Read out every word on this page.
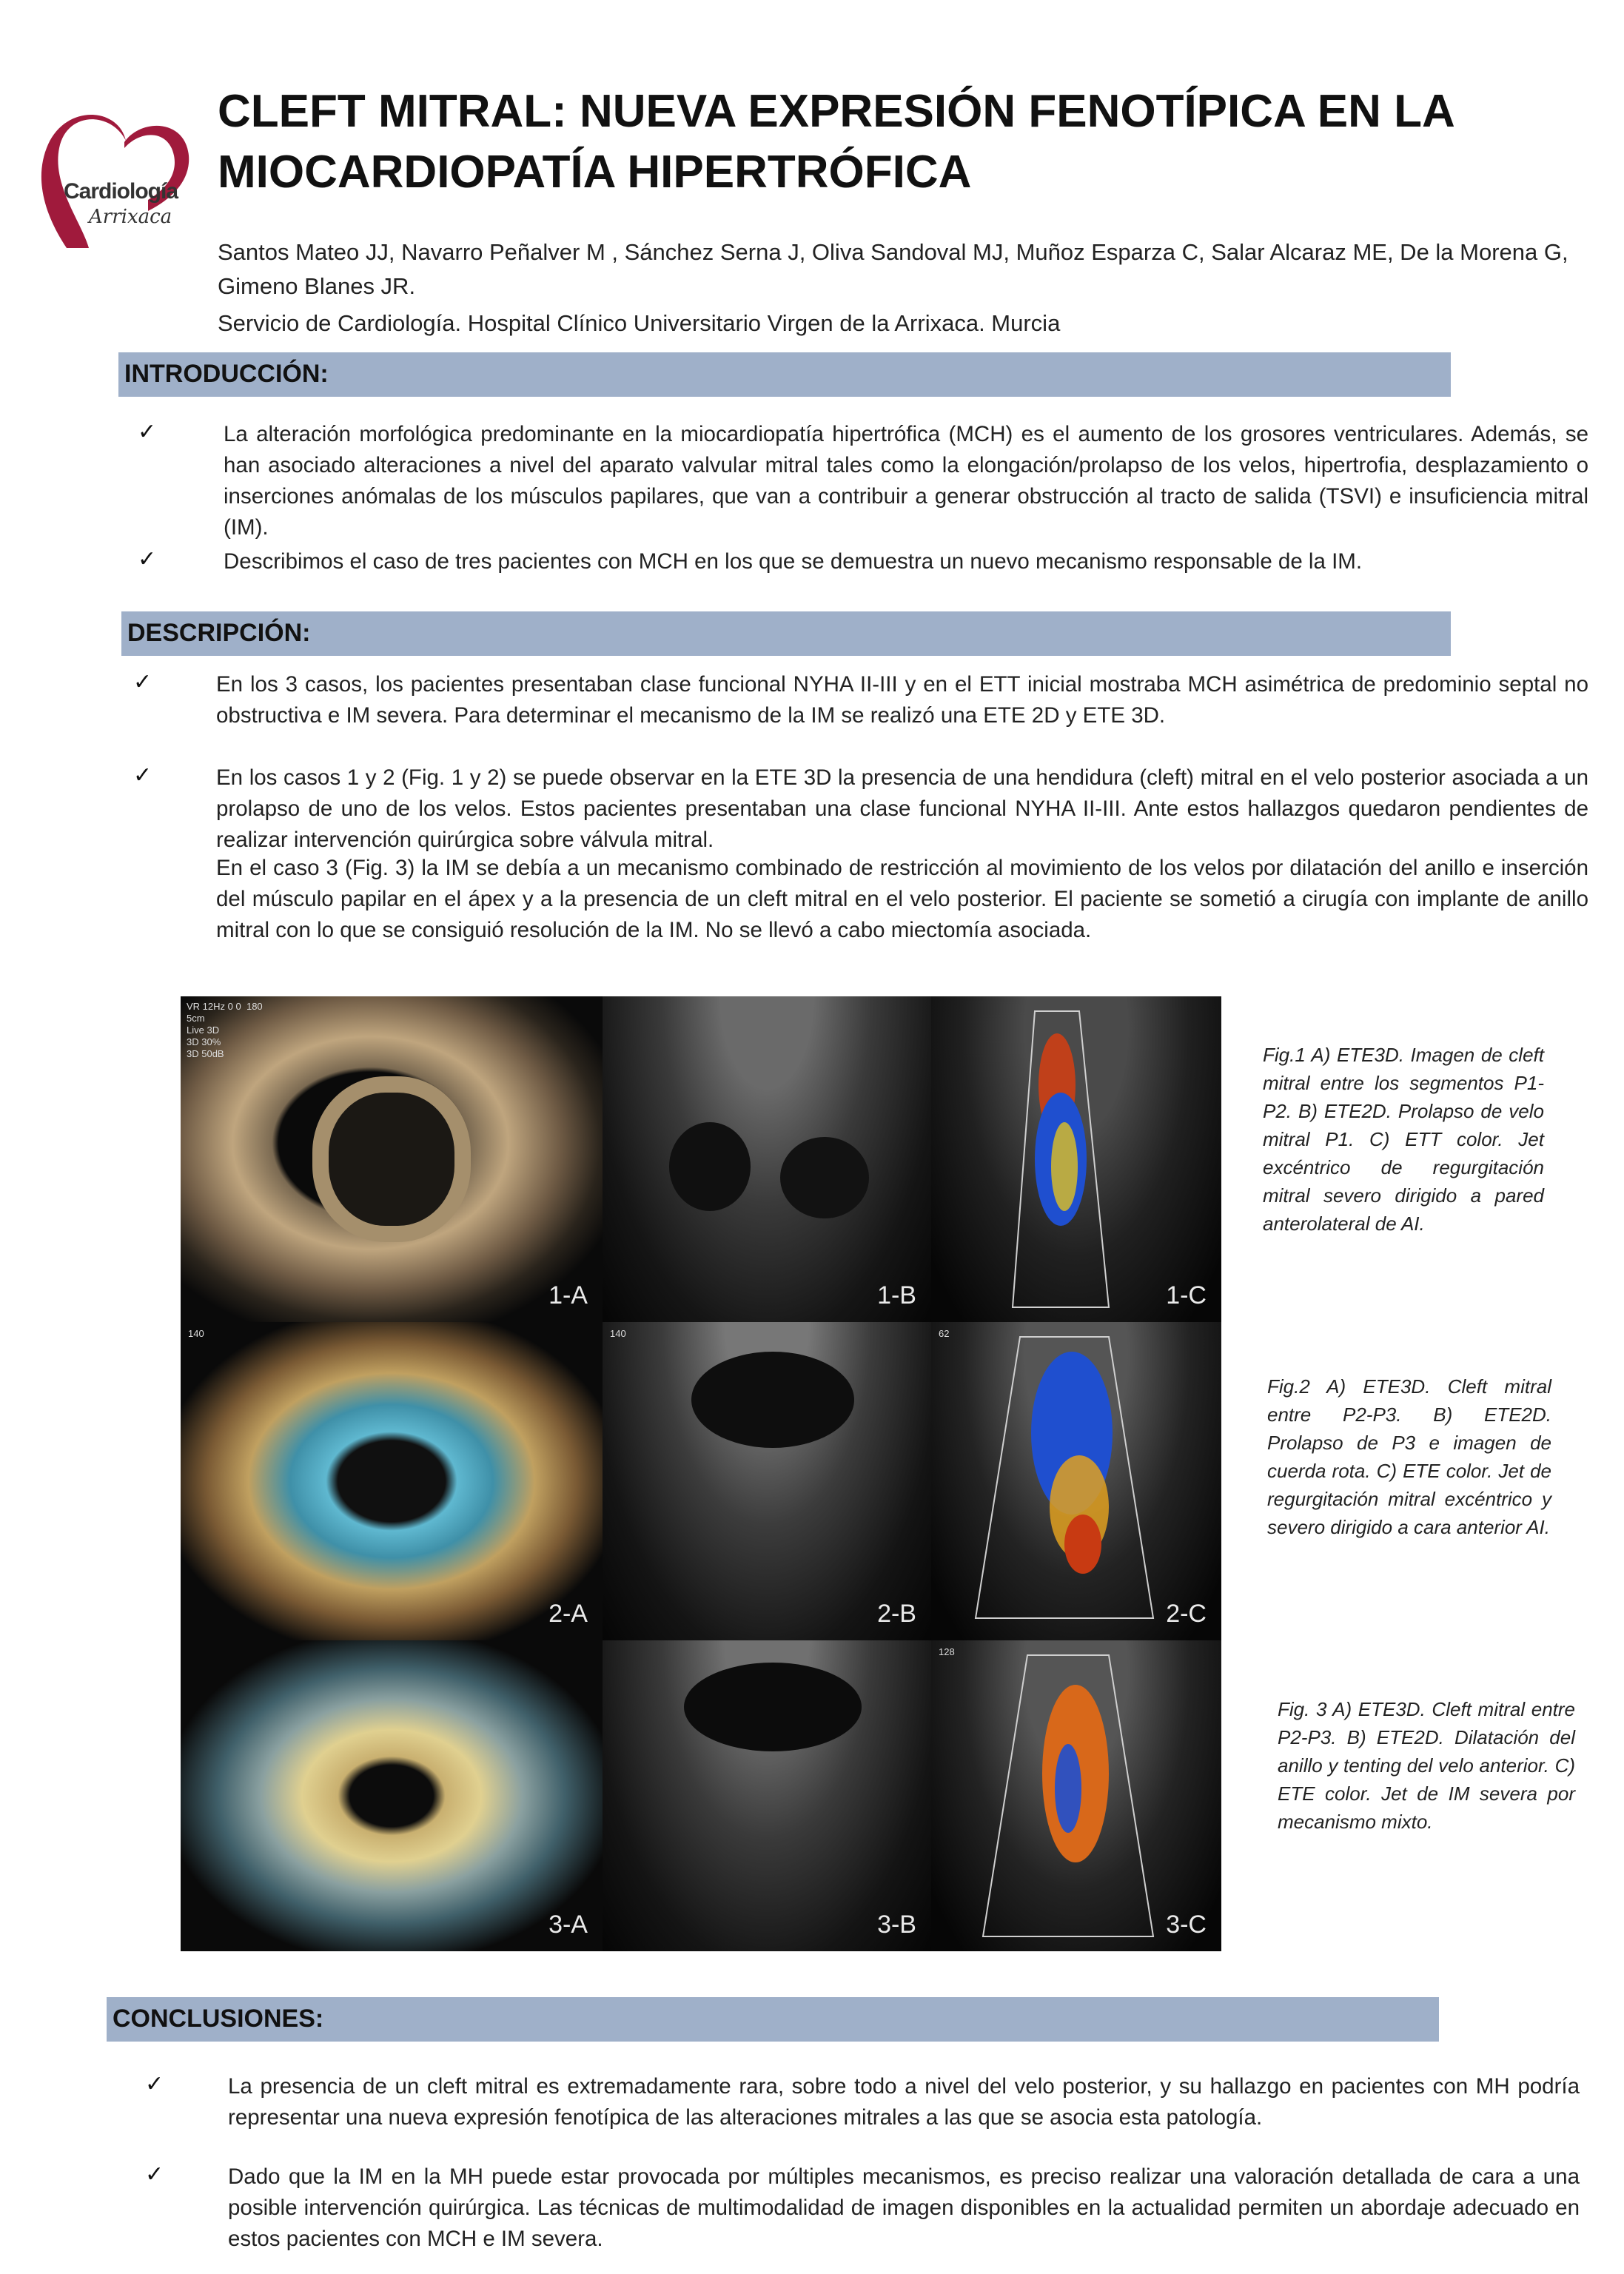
Cardiología
Arrixaca
CLEFT MITRAL: NUEVA EXPRESIÓN FENOTÍPICA EN LA
MIOCARDIOPATÍA HIPERTRÓFICA
Santos Mateo JJ, Navarro Peñalver M , Sánchez Serna J, Oliva Sandoval MJ, Muñoz Esparza C, Salar Alcaraz ME, De la Morena G, Gimeno Blanes JR.
Servicio de Cardiología. Hospital Clínico Universitario Virgen de la Arrixaca. Murcia
INTRODUCCIÓN:
✓	La alteración morfológica predominante en la miocardiopatía hipertrófica (MCH) es el aumento de los grosores ventriculares. Además, se han asociado alteraciones a nivel del aparato valvular mitral tales como la elongación/prolapso de los velos, hipertrofia, desplazamiento o inserciones anómalas de los músculos papilares, que van a contribuir a generar obstrucción al tracto de salida (TSVI) e insuficiencia mitral (IM).
✓	Describimos el caso de tres pacientes con MCH en los que se demuestra un nuevo mecanismo responsable de la IM.
DESCRIPCIÓN:
✓	En los 3 casos, los pacientes presentaban clase funcional NYHA II-III y en el ETT inicial mostraba MCH asimétrica de predominio septal no obstructiva e IM severa. Para determinar el mecanismo de la IM se realizó una ETE 2D y ETE 3D.
✓	En los casos 1 y 2 (Fig. 1 y 2) se puede observar en la ETE 3D la presencia de una hendidura (cleft) mitral en el velo posterior asociada a un prolapso de uno de los velos. Estos pacientes presentaban una clase funcional NYHA II-III. Ante estos hallazgos quedaron pendientes de realizar intervención quirúrgica sobre válvula mitral.
En el caso 3 (Fig. 3) la IM se debía a un mecanismo combinado de restricción al movimiento de los velos por dilatación del anillo e inserción del músculo papilar en el ápex y a la presencia de un cleft mitral en el velo posterior. El paciente se sometió a cirugía con implante de anillo mitral con lo que se consiguió resolución de la IM. No se llevó a cabo miectomía asociada.
VR 12Hz 0 0 180
5cm
Live 3D
3D 30%
3D 50dB
1-A	1-B	1-C
140
2-A
140
2-B
62
2-C
3-A	3-B
128
3-C
Fig.1 A) ETE3D. Imagen de cleft mitral entre los segmentos P1-P2. B) ETE2D. Prolapso de velo mitral P1. C) ETT color. Jet excéntrico de regurgitación mitral severo dirigido a pared anterolateral de AI.
Fig.2 A) ETE3D. Cleft mitral entre P2-P3. B) ETE2D. Prolapso de P3 e imagen de cuerda rota. C) ETE color. Jet de regurgitación mitral excéntrico y severo dirigido a cara anterior AI.
Fig. 3 A) ETE3D. Cleft mitral entre P2-P3. B) ETE2D. Dilatación del anillo y tenting del velo anterior. C) ETE color. Jet de IM severa por mecanismo mixto.
CONCLUSIONES:
✓	La presencia de un cleft mitral es extremadamente rara, sobre todo a nivel del velo posterior, y su hallazgo en pacientes con MH podría representar una nueva expresión fenotípica de las alteraciones mitrales a las que se asocia esta patología.
✓	Dado que la IM en la MH puede estar provocada por múltiples mecanismos, es preciso realizar una valoración detallada de cara a una posible intervención quirúrgica. Las técnicas de multimodalidad de imagen disponibles en la actualidad permiten un abordaje adecuado en estos pacientes con MCH e IM severa.
